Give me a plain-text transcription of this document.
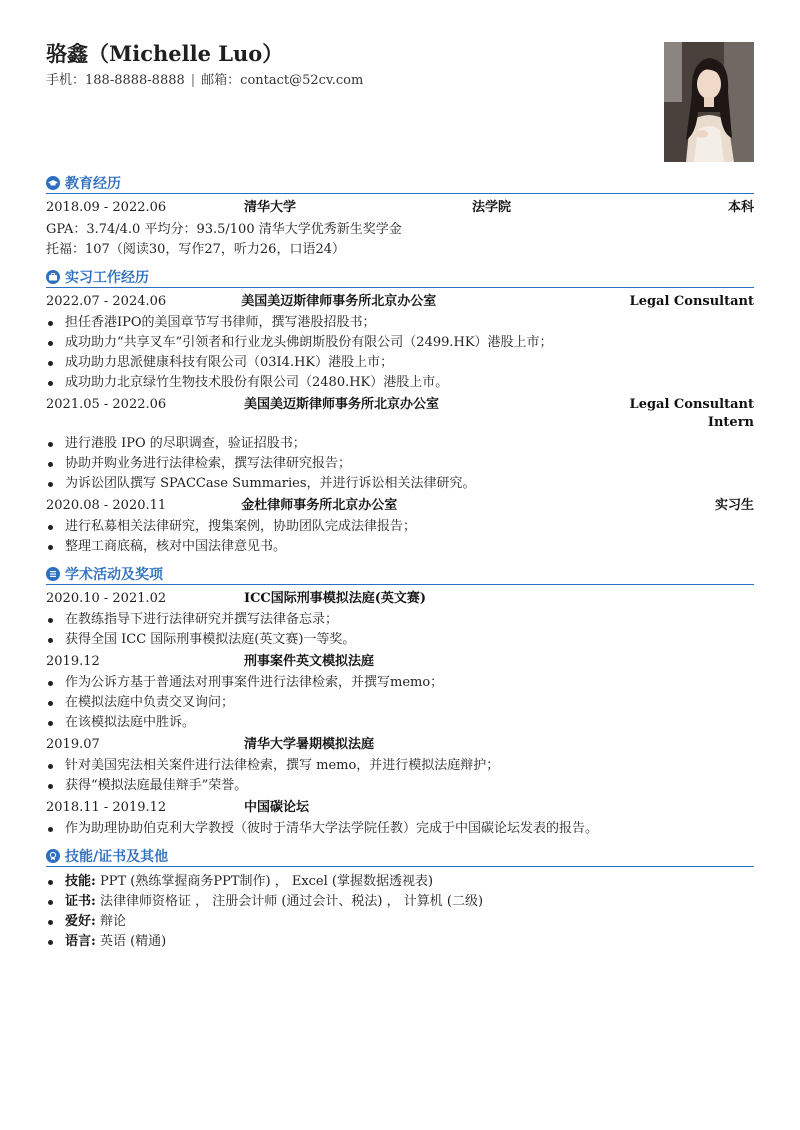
骆鑫（Michelle Luo）
手机：188-8888-8888 | 邮箱：contact@52cv.com
教育经历
2018.09 - 2022.06	清华大学	法学院	本科
GPA：3.74/4.0 平均分：93.5/100 清华大学优秀新生奖学金
托福：107（阅读30，写作27，听力26，口语24）
实习工作经历
2022.07 - 2024.06	美国美迈斯律师事务所北京办公室	Legal Consultant
担任香港IPO的美国章节写书律师，撰写港股招股书；
成功助力“共享叉车”引领者和行业龙头佛朗斯股份有限公司（2499.HK）港股上市；
成功助力思派健康科技有限公司（03I4.HK）港股上市；
成功助力北京绿竹生物技术股份有限公司（2480.HK）港股上市。
2021.05 - 2022.06	美国美迈斯律师事务所北京办公室	Legal Consultant Intern
进行港股 IPO 的尽职调查，验证招股书；
协助并购业务进行法律检索，撰写法律研究报告；
为诉讼团队撰写 SPACCase Summaries，并进行诉讼相关法律研究。
2020.08 - 2020.11	金杜律师事务所北京办公室	实习生
进行私募相关法律研究，搜集案例，协助团队完成法律报告；
整理工商底稿，核对中国法律意见书。
学术活动及奖项
2020.10 - 2021.02	ICC国际刑事模拟法庭(英文赛)
在教练指导下进行法律研究并撰写法律备忘录；
获得全国 ICC 国际刑事模拟法庭(英文赛)一等奖。
2019.12	刑事案件英文模拟法庭
作为公诉方基于普通法对刑事案件进行法律检索，并撰写memo；
在模拟法庭中负责交叉询问；
在该模拟法庭中胜诉。
2019.07	清华大学暑期模拟法庭
针对美国宪法相关案件进行法律检索，撰写 memo，并进行模拟法庭辩护；
获得“模拟法庭最佳辩手”荣誉。
2018.11 - 2019.12	中国碳论坛
作为助理协助伯克利大学教授（彼时于清华大学法学院任教）完成于中国碳论坛发表的报告。
技能/证书及其他
技能: PPT (熟练掌握商务PPT制作) ， Excel (掌握数据透视表)
证书: 法律律师资格证 ， 注册会计师 (通过会计、税法) ， 计算机 (二级)
爱好: 辩论
语言: 英语 (精通)
